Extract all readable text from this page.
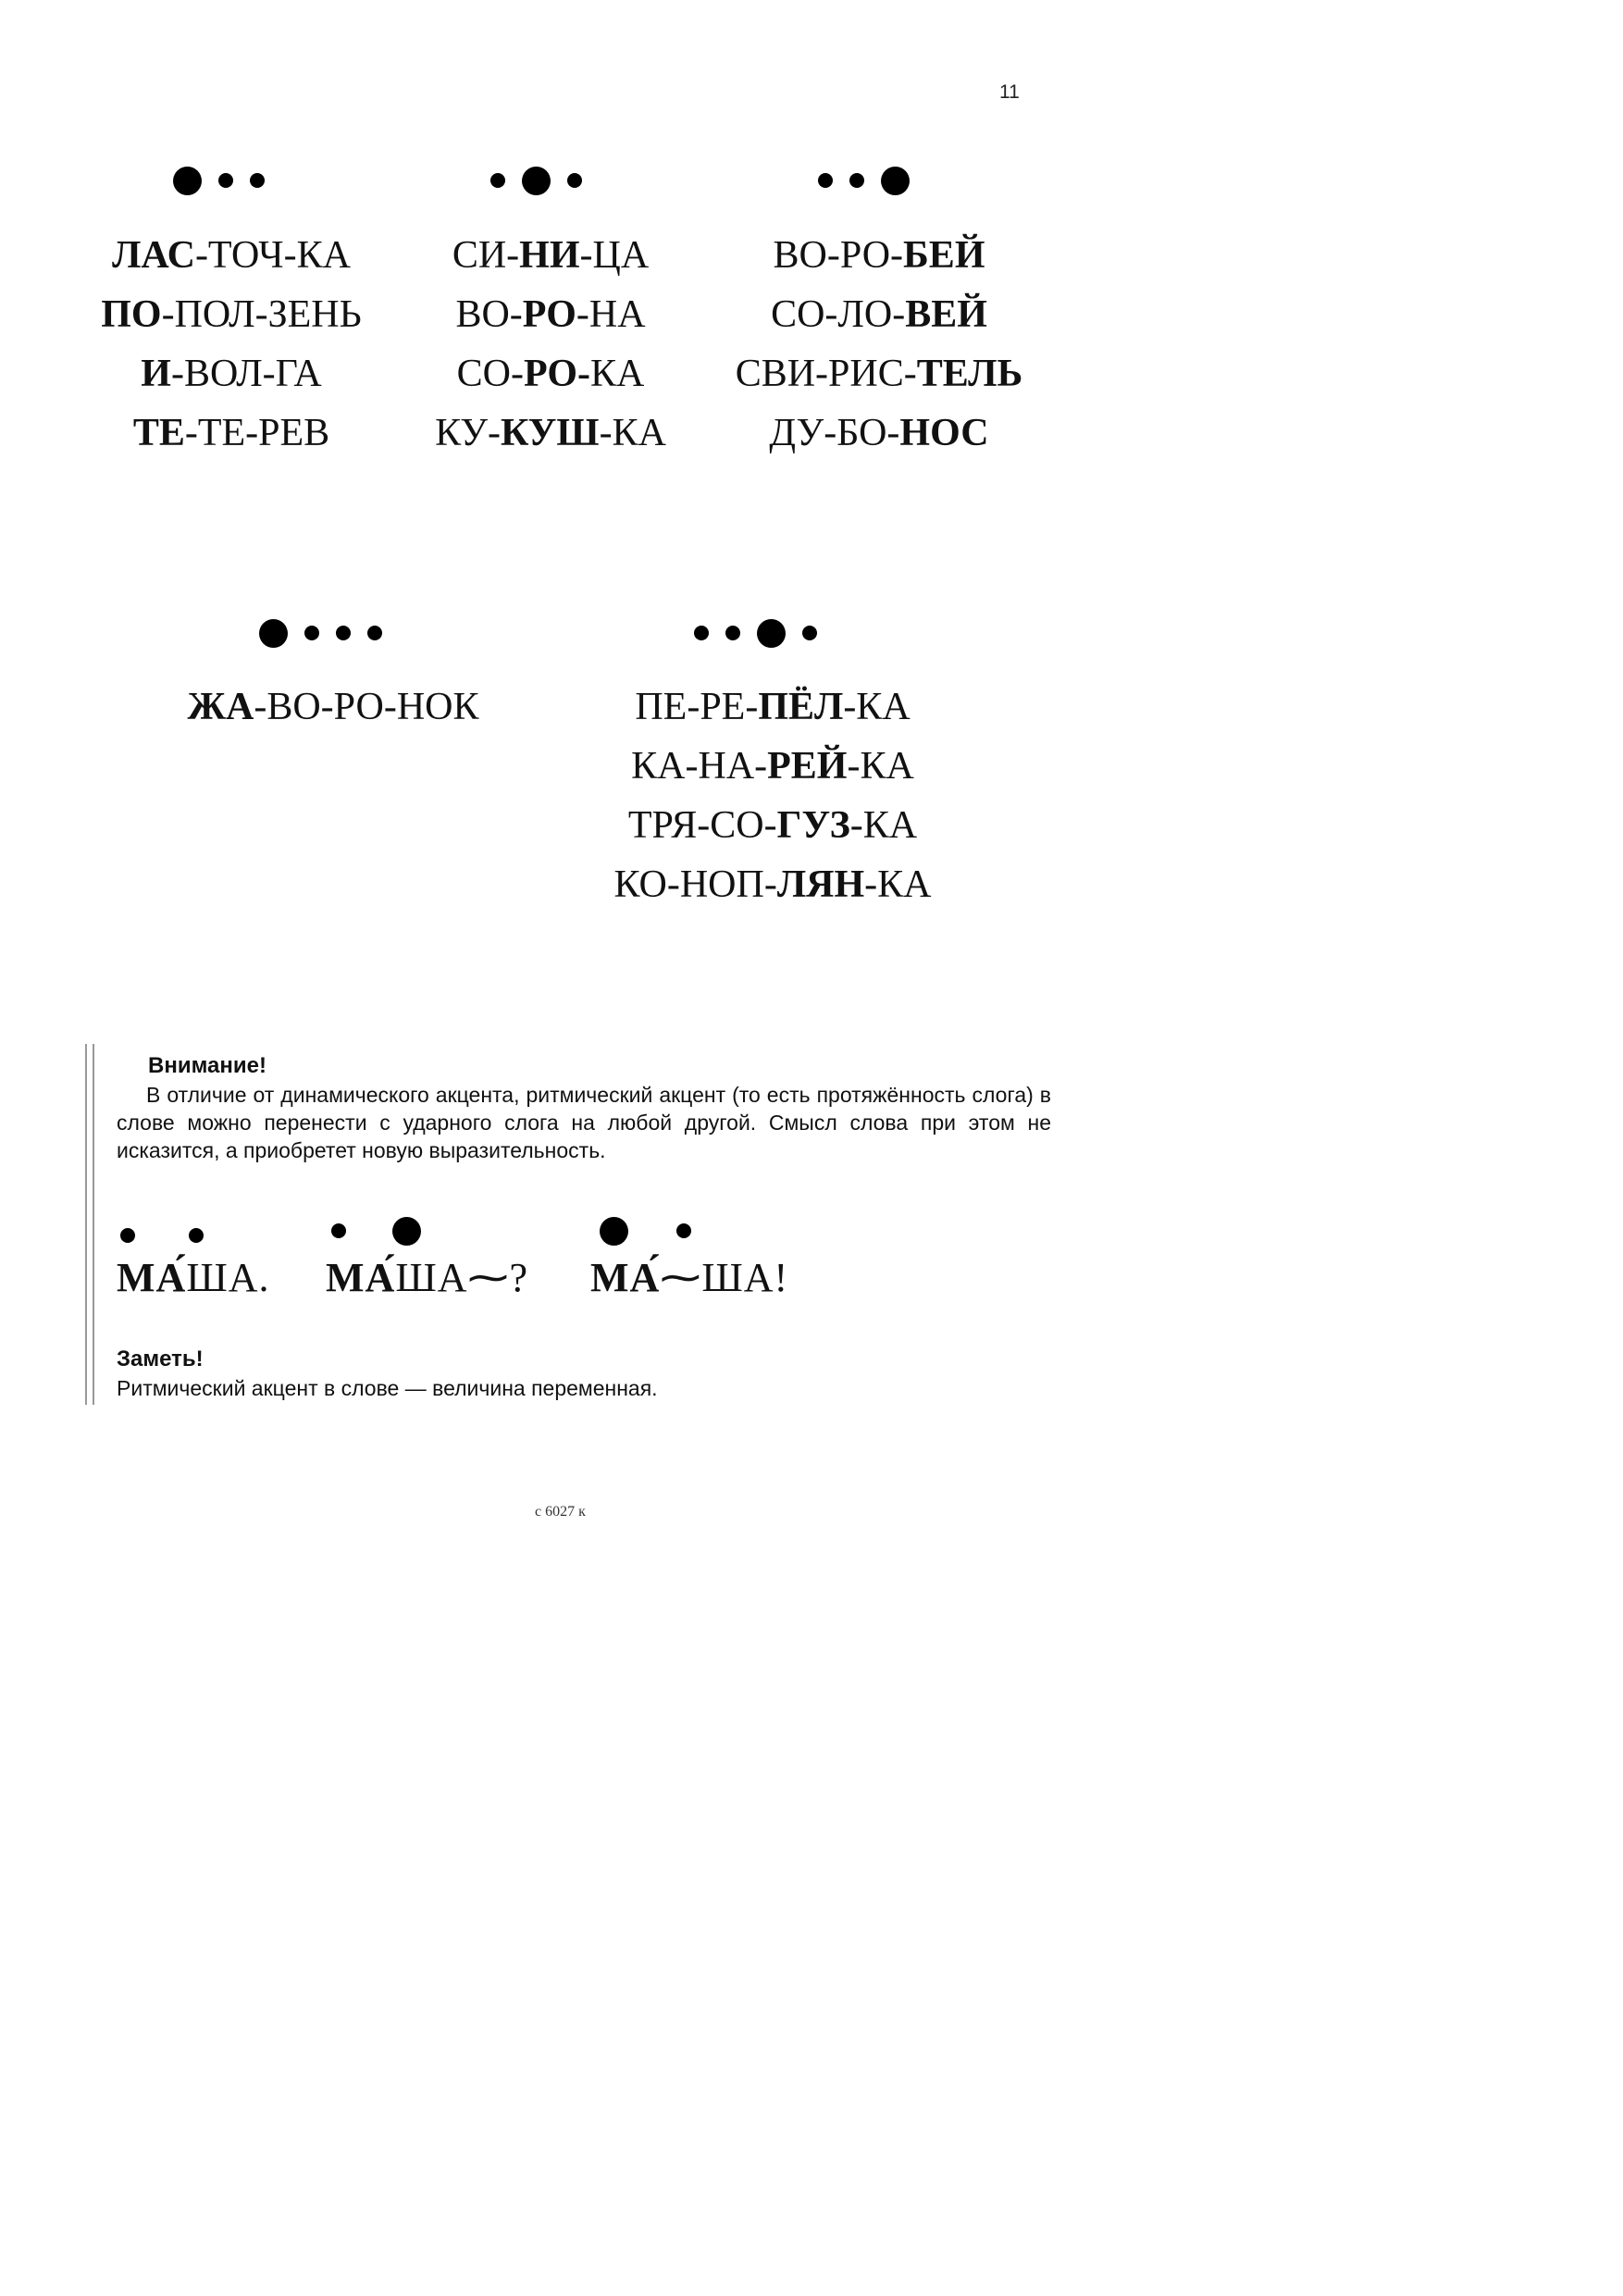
11
ЛАС-ТОЧ-КА
ПО-ПОЛ-ЗЕНЬ
И-ВОЛ-ГА
ТЕ-ТЕ-РЕВ
СИ-НИ-ЦА
ВО-РО-НА
СО-РО-КА
КУ-КУШ-КА
ВО-РО-БЕЙ
СО-ЛО-ВЕЙ
СВИ-РИС-ТЕЛЬ
ДУ-БО-НОС
ЖА-ВО-РО-НОК	ПЕ-РЕ-ПЁЛ-КА
КА-НА-РЕЙ-КА
ТРЯ-СО-ГУЗ-КА
КО-НОП-ЛЯН-КА
Внимание!
В отличие от динамического акцента, ритмический акцент (то есть протяжённость слога) в слове можно перенести с ударного слога на любой другой. Смысл слова при этом не исказится, а приобретет новую выразительность.
МА́ША. МА́ША⁓? МА́⁓ША!
Заметь!
Ритмический акцент в слове — величина переменная.
с 6027 к
